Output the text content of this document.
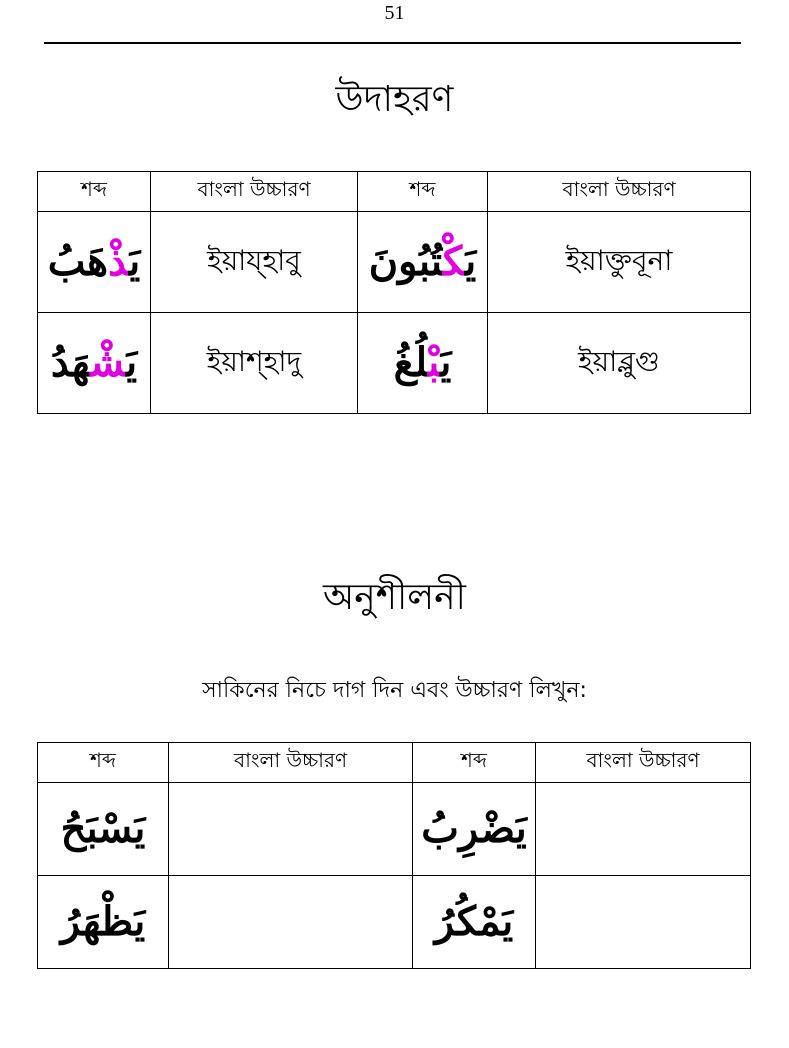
51
উদাহরণ
শব্দ	বাংলা উচ্চারণ	শব্দ	বাংলা উচ্চারণ
يَذْهَبُ	ইয়ায্হাবু	يَكْتُبُونَ	ইয়াক্তুবূনা
يَشْهَدُ	ইয়াশ্হাদু	يَبْلُغُ	ইয়াব্লুগু
অনুশীলনী
সাকিনের নিচে দাগ দিন এবং উচ্চারণ লিখুন:
শব্দ	বাংলা উচ্চারণ	শব্দ	বাংলা উচ্চারণ
يَسْبَحُ		يَضْرِبُ	
يَظْهَرُ		يَمْكُرُ	
